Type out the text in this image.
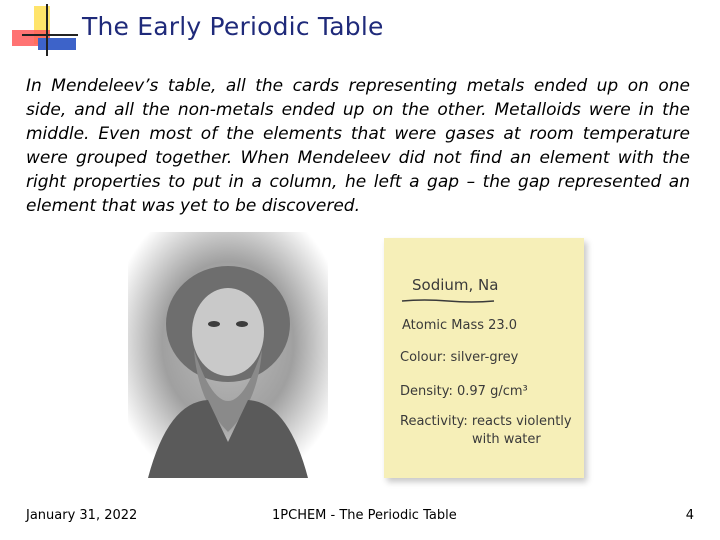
The Early Periodic Table
In Mendeleev’s table, all the cards representing metals ended up on one side, and all the non-metals ended up on the other. Metalloids were in the middle. Even most of the elements that were gases at room temperature were grouped together. When Mendeleev did not find an element with the right properties to put in a column, he left a gap – the gap represented an element that was yet to be discovered.
Sodium, Na
Atomic Mass 23.0
Colour: silver-grey
Density: 0.97 g/cm³
Reactivity: reacts violently
with water
January 31, 2022	1PCHEM - The Periodic Table	4
